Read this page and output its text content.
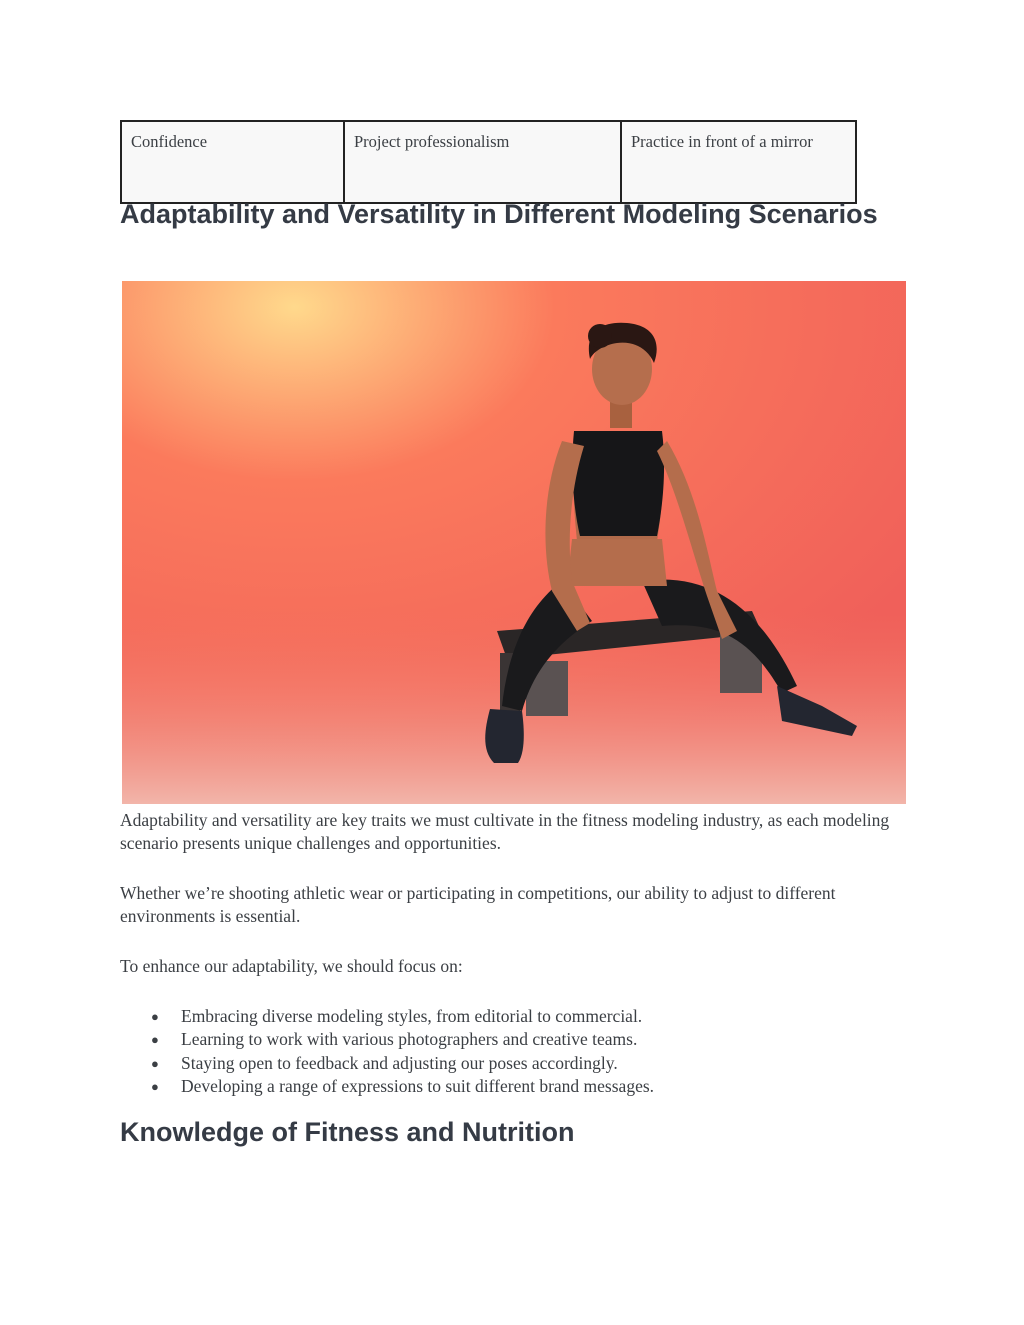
Confidence	Project professionalism	Practice in front of a mirror
Adaptability and Versatility in Different Modeling Scenarios

Adaptability and versatility are key traits we must cultivate in the fitness modeling industry, as each modeling scenario presents unique challenges and opportunities.

Whether we’re shooting athletic wear or participating in competitions, our ability to adjust to different environments is essential.

To enhance our adaptability, we should focus on:

● Embracing diverse modeling styles, from editorial to commercial.
● Learning to work with various photographers and creative teams.
● Staying open to feedback and adjusting our poses accordingly.
● Developing a range of expressions to suit different brand messages.
Knowledge of Fitness and Nutrition
